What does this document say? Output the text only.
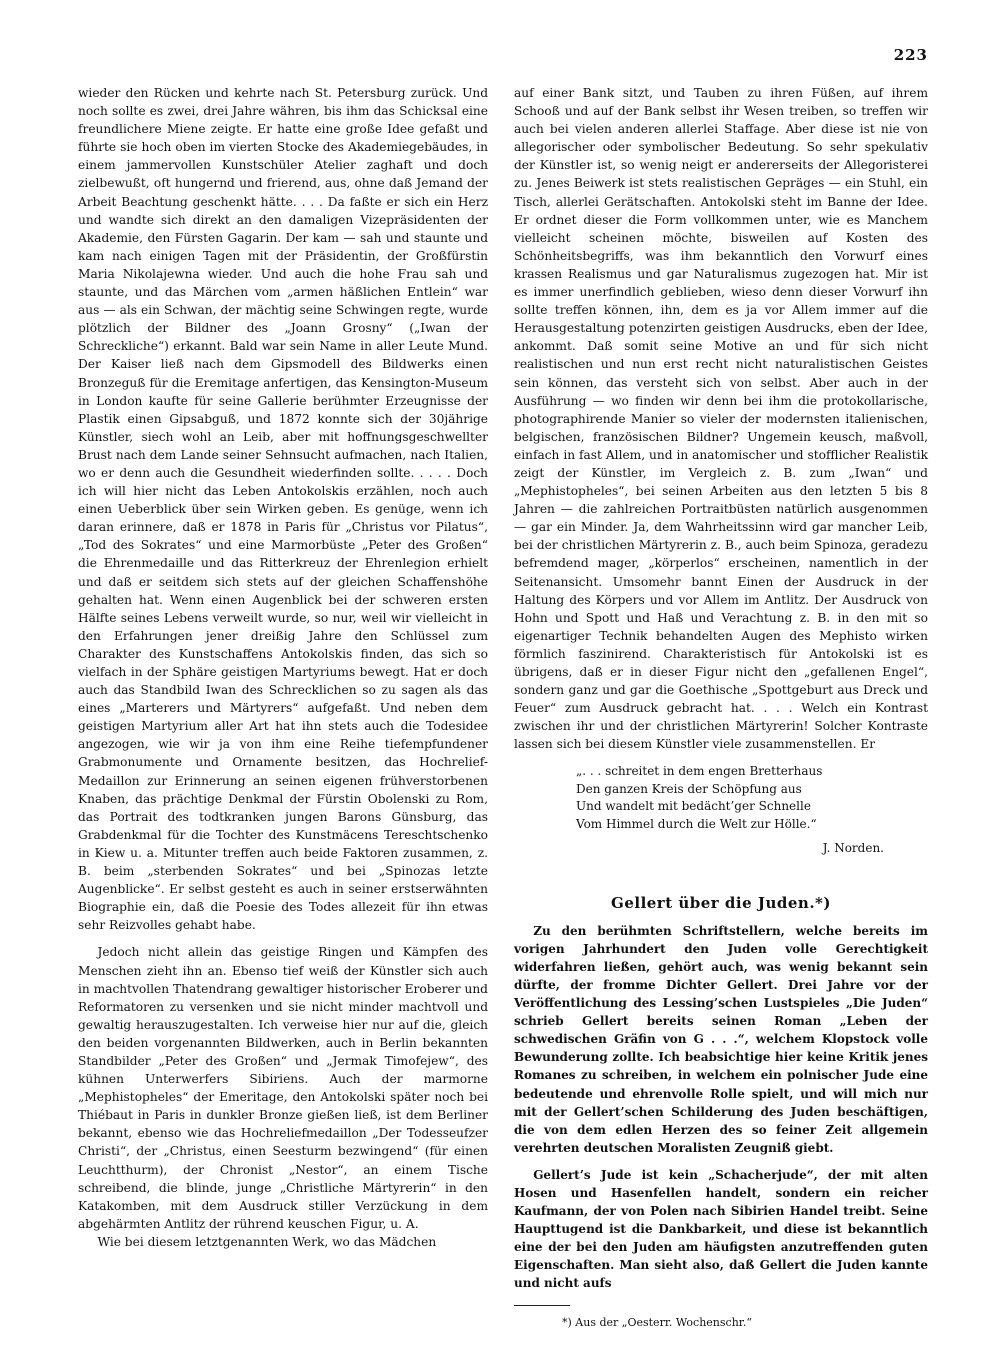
223

wieder den Rücken und kehrte nach St. Petersburg zurück. Und noch sollte es zwei, drei Jahre währen, bis ihm das Schicksal eine freundlichere Miene zeigte. Er hatte eine große Idee gefaßt und führte sie hoch oben im vierten Stocke des Akademiegebäudes, in einem jammervollen Kunstschüler Atelier zaghaft und doch zielbewußt, oft hungernd und frierend, aus, ohne daß Jemand der Arbeit Beachtung geschenkt hätte. . . . Da faßte er sich ein Herz und wandte sich direkt an den damaligen Vizepräsidenten der Akademie, den Fürsten Gagarin. Der kam — sah und staunte und kam nach einigen Tagen mit der Präsidentin, der Großfürstin Maria Nikolajewna wieder. Und auch die hohe Frau sah und staunte, und das Märchen vom „armen häßlichen Entlein“ war aus — als ein Schwan, der mächtig seine Schwingen regte, wurde plötzlich der Bildner des „Joann Grosny“ („Iwan der Schreckliche“) erkannt. Bald war sein Name in aller Leute Mund. Der Kaiser ließ nach dem Gipsmodell des Bildwerks einen Bronzeguß für die Eremitage anfertigen, das Kensington-Museum in London kaufte für seine Gallerie berühmter Erzeugnisse der Plastik einen Gipsabguß, und 1872 konnte sich der 30jährige Künstler, siech wohl an Leib, aber mit hoffnungsgeschwellter Brust nach dem Lande seiner Sehnsucht aufmachen, nach Italien, wo er denn auch die Gesundheit wiederfinden sollte. . . . . Doch ich will hier nicht das Leben Antokolskis erzählen, noch auch einen Ueberblick über sein Wirken geben. Es genüge, wenn ich daran erinnere, daß er 1878 in Paris für „Christus vor Pilatus“, „Tod des Sokrates“ und eine Marmorbüste „Peter des Großen“ die Ehrenmedaille und das Ritterkreuz der Ehrenlegion erhielt und daß er seitdem sich stets auf der gleichen Schaffenshöhe gehalten hat. Wenn einen Augenblick bei der schweren ersten Hälfte seines Lebens verweilt wurde, so nur, weil wir vielleicht in den Erfahrungen jener dreißig Jahre den Schlüssel zum Charakter des Kunstschaffens Antokolskis finden, das sich so vielfach in der Sphäre geistigen Martyriums bewegt. Hat er doch auch das Standbild Iwan des Schrecklichen so zu sagen als das eines „Marterers und Märtyrers“ aufgefaßt. Und neben dem geistigen Martyrium aller Art hat ihn stets auch die Todesidee angezogen, wie wir ja von ihm eine Reihe tiefempfundener Grabmonumente und Ornamente besitzen, das Hochrelief-Medaillon zur Erinnerung an seinen eigenen frühverstorbenen Knaben, das prächtige Denkmal der Fürstin Obolenski zu Rom, das Portrait des todtkranken jungen Barons Günsburg, das Grabdenkmal für die Tochter des Kunstmäcens Tereschtschenko in Kiew u. a. Mitunter treffen auch beide Faktoren zusammen, z. B. beim „sterbenden Sokrates“ und bei „Spinozas letzte Augenblicke“. Er selbst gesteht es auch in seiner erstserwähnten Biographie ein, daß die Poesie des Todes allezeit für ihn etwas sehr Reizvolles gehabt habe.

Jedoch nicht allein das geistige Ringen und Kämpfen des Menschen zieht ihn an. Ebenso tief weiß der Künstler sich auch in machtvollen Thatendrang gewaltiger historischer Eroberer und Reformatoren zu versenken und sie nicht minder machtvoll und gewaltig herauszugestalten. Ich verweise hier nur auf die, gleich den beiden vorgenannten Bildwerken, auch in Berlin bekannten Standbilder „Peter des Großen“ und „Jermak Timofejew“, des kühnen Unterwerfers Sibiriens. Auch der marmorne „Mephistopheles“ der Emeritage, den Antokolski später noch bei Thiébaut in Paris in dunkler Bronze gießen ließ, ist dem Berliner bekannt, ebenso wie das Hochreliefmedaillon „Der Todesseufzer Christi“, der „Christus, einen Seesturm bezwingend“ (für einen Leuchtthurm), der Chronist „Nestor“, an einem Tische schreibend, die blinde, junge „Christliche Märtyrerin“ in den Katakomben, mit dem Ausdruck stiller Verzückung in dem abgehärmten Antlitz der rührend keuschen Figur, u. A.

Wie bei diesem letztgenannten Werk, wo das Mädchen

auf einer Bank sitzt, und Tauben zu ihren Füßen, auf ihrem Schooß und auf der Bank selbst ihr Wesen treiben, so treffen wir auch bei vielen anderen allerlei Staffage. Aber diese ist nie von allegorischer oder symbolischer Bedeutung. So sehr spekulativ der Künstler ist, so wenig neigt er andererseits der Allegoristerei zu. Jenes Beiwerk ist stets realistischen Gepräges — ein Stuhl, ein Tisch, allerlei Gerätschaften. Antokolski steht im Banne der Idee. Er ordnet dieser die Form vollkommen unter, wie es Manchem vielleicht scheinen möchte, bisweilen auf Kosten des Schönheitsbegriffs, was ihm bekanntlich den Vorwurf eines krassen Realismus und gar Naturalismus zugezogen hat. Mir ist es immer unerfindlich geblieben, wieso denn dieser Vorwurf ihn sollte treffen können, ihn, dem es ja vor Allem immer auf die Herausgestaltung potenzirten geistigen Ausdrucks, eben der Idee, ankommt. Daß somit seine Motive an und für sich nicht realistischen und nun erst recht nicht naturalistischen Geistes sein können, das versteht sich von selbst. Aber auch in der Ausführung — wo finden wir denn bei ihm die protokollarische, photographirende Manier so vieler der modernsten italienischen, belgischen, französischen Bildner? Ungemein keusch, maßvoll, einfach in fast Allem, und in anatomischer und stofflicher Realistik zeigt der Künstler, im Vergleich z. B. zum „Iwan“ und „Mephistopheles“, bei seinen Arbeiten aus den letzten 5 bis 8 Jahren — die zahlreichen Portraitbüsten natürlich ausgenommen — gar ein Minder. Ja, dem Wahrheitssinn wird gar mancher Leib, bei der christlichen Märtyrerin z. B., auch beim Spinoza, geradezu befremdend mager, „körperlos“ erscheinen, namentlich in der Seitenansicht. Umsomehr bannt Einen der Ausdruck in der Haltung des Körpers und vor Allem im Antlitz. Der Ausdruck von Hohn und Spott und Haß und Verachtung z. B. in den mit so eigenartiger Technik behandelten Augen des Mephisto wirken förmlich faszinirend. Charakteristisch für Antokolski ist es übrigens, daß er in dieser Figur nicht den „gefallenen Engel“, sondern ganz und gar die Goethische „Spottgeburt aus Dreck und Feuer“ zum Ausdruck gebracht hat. . . . Welch ein Kontrast zwischen ihr und der christlichen Märtyrerin! Solcher Kontraste lassen sich bei diesem Künstler viele zusammenstellen. Er

„. . . schreitet in dem engen Bretterhaus
Den ganzen Kreis der Schöpfung aus
Und wandelt mit bedächt’ger Schnelle
Vom Himmel durch die Welt zur Hölle.“
J. Norden.
Gellert über die Juden.*)

Zu den berühmten Schriftstellern, welche bereits im vorigen Jahrhundert den Juden volle Gerechtigkeit widerfahren ließen, gehört auch, was wenig bekannt sein dürfte, der fromme Dichter Gellert. Drei Jahre vor der Veröffentlichung des Lessing’schen Lustspieles „Die Juden“ schrieb Gellert bereits seinen Roman „Leben der schwedischen Gräfin von G . . .“, welchem Klopstock volle Bewunderung zollte. Ich beabsichtige hier keine Kritik jenes Romanes zu schreiben, in welchem ein polnischer Jude eine bedeutende und ehrenvolle Rolle spielt, und will mich nur mit der Gellert’schen Schilderung des Juden beschäftigen, die von dem edlen Herzen des so feiner Zeit allgemein verehrten deutschen Moralisten Zeugniß giebt.

Gellert’s Jude ist kein „Schacherjude“, der mit alten Hosen und Hasenfellen handelt, sondern ein reicher Kaufmann, der von Polen nach Sibirien Handel treibt. Seine Haupttugend ist die Dankbarkeit, und diese ist bekanntlich eine der bei den Juden am häufigsten anzutreffenden guten Eigenschaften. Man sieht also, daß Gellert die Juden kannte und nicht aufs

*) Aus der „Oesterr. Wochenschr.“
